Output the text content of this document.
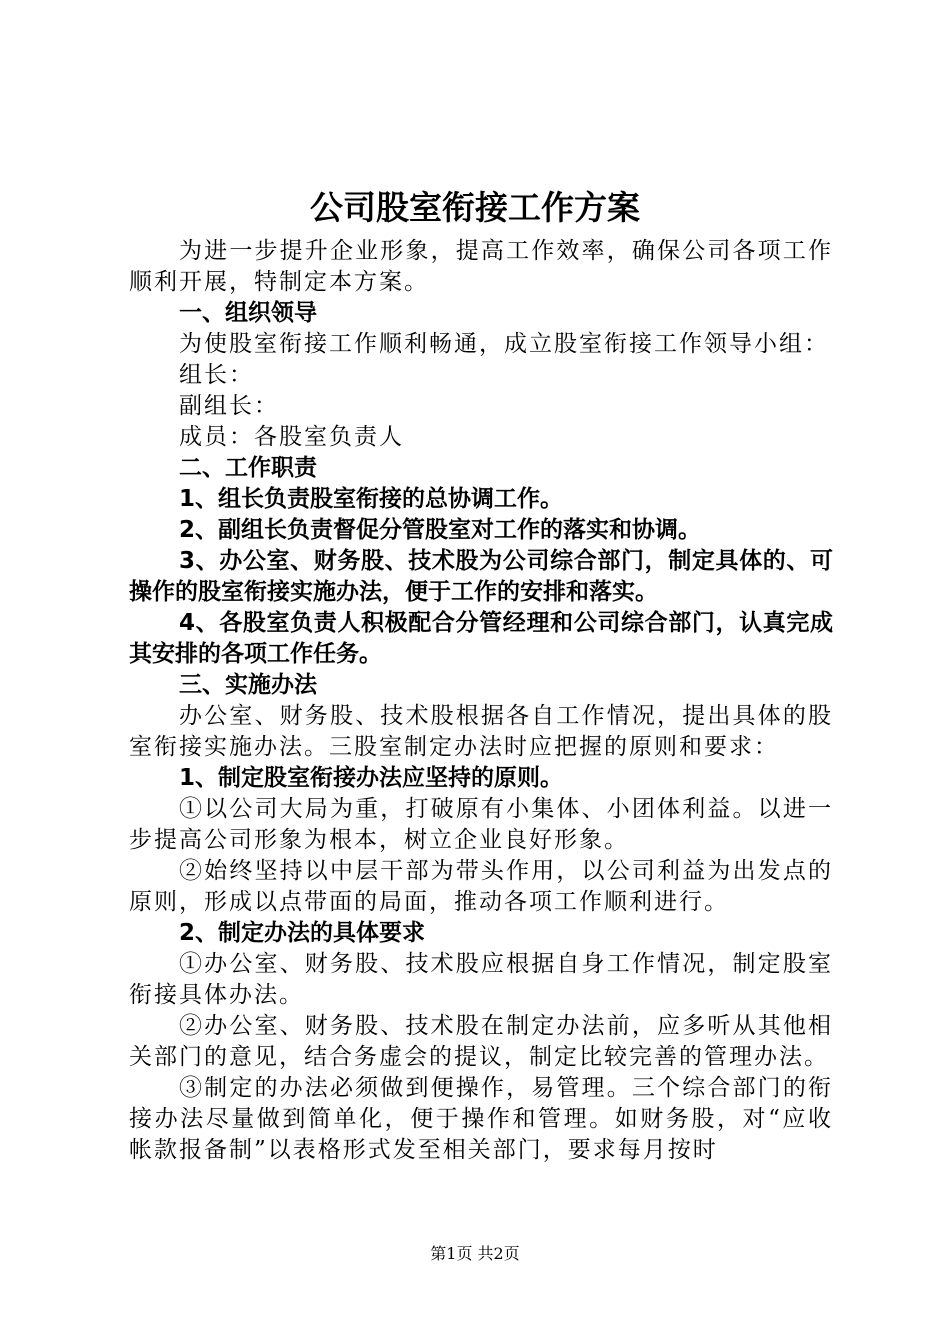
公司股室衔接工作方案

为进一步提升企业形象，提高工作效率，确保公司各项工作顺利开展，特制定本方案。

一、组织领导

为使股室衔接工作顺利畅通，成立股室衔接工作领导小组：

组长：

副组长：

成员：各股室负责人

二、工作职责

1、组长负责股室衔接的总协调工作。

2、副组长负责督促分管股室对工作的落实和协调。

3、办公室、财务股、技术股为公司综合部门，制定具体的、可操作的股室衔接实施办法，便于工作的安排和落实。

4、各股室负责人积极配合分管经理和公司综合部门，认真完成其安排的各项工作任务。

三、实施办法

办公室、财务股、技术股根据各自工作情况，提出具体的股室衔接实施办法。三股室制定办法时应把握的原则和要求：

1、制定股室衔接办法应坚持的原则。

①以公司大局为重，打破原有小集体、小团体利益。以进一步提高公司形象为根本，树立企业良好形象。

②始终坚持以中层干部为带头作用，以公司利益为出发点的原则，形成以点带面的局面，推动各项工作顺利进行。

2、制定办法的具体要求

①办公室、财务股、技术股应根据自身工作情况，制定股室衔接具体办法。

②办公室、财务股、技术股在制定办法前，应多听从其他相关部门的意见，结合务虚会的提议，制定比较完善的管理办法。

③制定的办法必须做到便操作，易管理。三个综合部门的衔接办法尽量做到简单化，便于操作和管理。如财务股，对“应收帐款报备制”以表格形式发至相关部门，要求每月按时

第1页 共2页
